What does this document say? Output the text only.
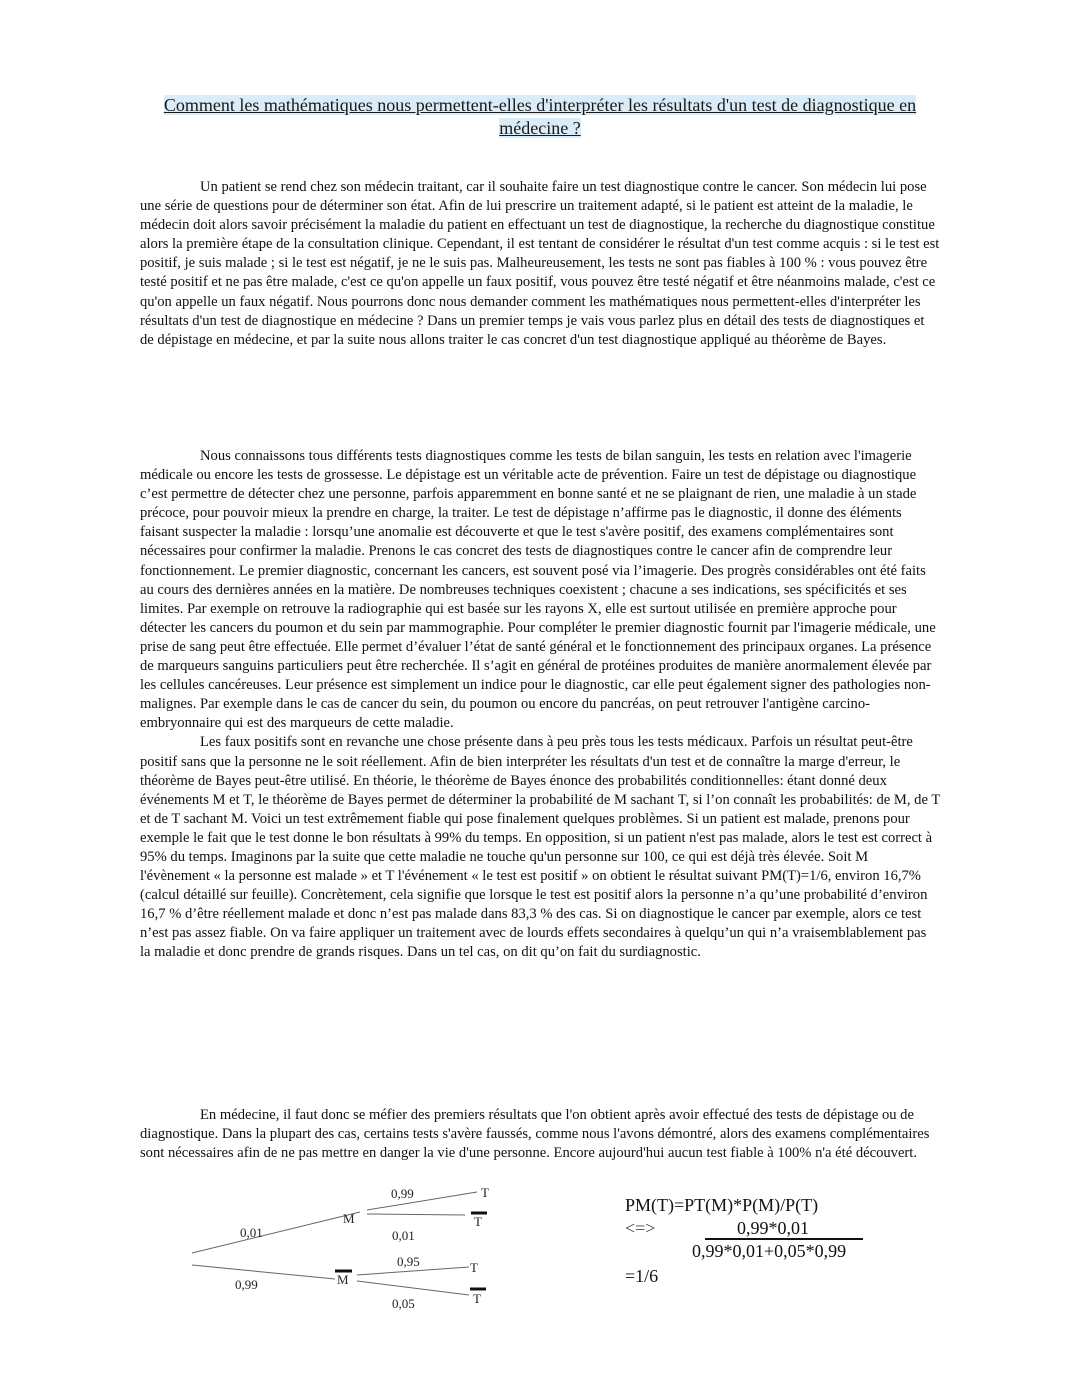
Comment les mathématiques nous permettent-elles d'interpréter les résultats d'un test de diagnostique en médecine ?

Un patient se rend chez son médecin traitant, car il souhaite faire un test diagnostique contre le cancer. Son médecin lui pose une série de questions pour de déterminer son état. Afin de lui prescrire un traitement adapté, si le patient est atteint de la maladie, le médecin doit alors savoir précisément la maladie du patient en effectuant un test de diagnostique, la recherche du diagnostique constitue alors la première étape de la consultation clinique. Cependant, il est tentant de considérer le résultat d'un test comme acquis : si le test est positif, je suis malade ; si le test est négatif, je ne le suis pas. Malheureusement, les tests ne sont pas fiables à 100 % : vous pouvez être testé positif et ne pas être malade, c'est ce qu'on appelle un faux positif, vous pouvez être testé négatif et être néanmoins malade, c'est ce qu'on appelle un faux négatif. Nous pourrons donc nous demander comment les mathématiques nous permettent-elles d'interpréter les résultats d'un test de diagnostique en médecine ? Dans un premier temps je vais vous parlez plus en détail des tests de diagnostiques et de dépistage en médecine, et par la suite nous allons traiter le cas concret d'un test diagnostique appliqué au théorème de Bayes.

Nous connaissons tous différents tests diagnostiques comme les tests de bilan sanguin, les tests en relation avec l'imagerie médicale ou encore les tests de grossesse. Le dépistage est un véritable acte de prévention. Faire un test de dépistage ou diagnostique c’est permettre de détecter chez une personne, parfois apparemment en bonne santé et ne se plaignant de rien, une maladie à un stade précoce, pour pouvoir mieux la prendre en charge, la traiter. Le test de dépistage n’affirme pas le diagnostic, il donne des éléments faisant suspecter la maladie : lorsqu’une anomalie est découverte et que le test s'avère positif, des examens complémentaires sont nécessaires pour confirmer la maladie. Prenons le cas concret des tests de diagnostiques contre le cancer afin de comprendre leur fonctionnement. Le premier diagnostic, concernant les cancers, est souvent posé via l’imagerie. Des progrès considérables ont été faits au cours des dernières années en la matière. De nombreuses techniques coexistent ; chacune a ses indications, ses spécificités et ses limites. Par exemple on retrouve la radiographie qui est basée sur les rayons X, elle est surtout utilisée en première approche pour détecter les cancers du poumon et du sein par mammographie. Pour compléter le premier diagnostic fournit par l'imagerie médicale, une prise de sang peut être effectuée. Elle permet d’évaluer l’état de santé général et le fonctionnement des principaux organes. La présence de marqueurs sanguins particuliers peut être recherchée. Il s’agit en général de protéines produites de manière anormalement élevée par les cellules cancéreuses. Leur présence est simplement un indice pour le diagnostic, car elle peut également signer des pathologies non-malignes. Par exemple dans le cas de cancer du sein, du poumon ou encore du pancréas, on peut retrouver l'antigène carcino-embryonnaire qui est des marqueurs de cette maladie.

Les faux positifs sont en revanche une chose présente dans à peu près tous les tests médicaux. Parfois un résultat peut-être positif sans que la personne ne le soit réellement. Afin de bien interpréter les résultats d'un test et de connaître la marge d'erreur, le théorème de Bayes peut-être utilisé. En théorie, le théorème de Bayes énonce des probabilités conditionnelles: étant donné deux événements M et T, le théorème de Bayes permet de déterminer la probabilité de M sachant T, si l’on connaît les probabilités: de M, de T et de T sachant M. Voici un test extrêmement fiable qui pose finalement quelques problèmes. Si un patient est malade, prenons pour exemple le fait que le test donne le bon résultats à 99% du temps. En opposition, si un patient n'est pas malade, alors le test est correct à 95% du temps. Imaginons par la suite que cette maladie ne touche qu'un personne sur 100, ce qui est déjà très élevée. Soit M l'évènement « la personne est malade » et T l'événement « le test est positif » on obtient le résultat suivant PM(T)=1/6, environ 16,7% (calcul détaillé sur feuille). Concrètement, cela signifie que lorsque le test est positif alors la personne n’a qu’une probabilité d’environ 16,7 % d’être réellement malade et donc n’est pas malade dans 83,3 % des cas. Si on diagnostique le cancer par exemple, alors ce test n’est pas assez fiable. On va faire appliquer un traitement avec de lourds effets secondaires à quelqu’un qui n’a vraisemblablement pas la maladie et donc prendre de grands risques. Dans un tel cas, on dit qu’on fait du surdiagnostic.

En médecine, il faut donc se méfier des premiers résultats que l'on obtient après avoir effectué des tests de dépistage ou de diagnostique. Dans la plupart des cas, certains tests s'avère faussés, comme nous l'avons démontré, alors des examens complémentaires sont nécessaires afin de ne pas mettre en danger la vie d'une personne. Encore aujourd'hui aucun test fiable à 100% n'a été découvert.

0,01
0,99
M
M
0,99
0,01
0,95
0,05
T
T
T
T
PM(T)=PT(M)*P(M)/P(T)
<=>	0,99*0,01
0,99*0,01+0,05*0,99
=1/6
